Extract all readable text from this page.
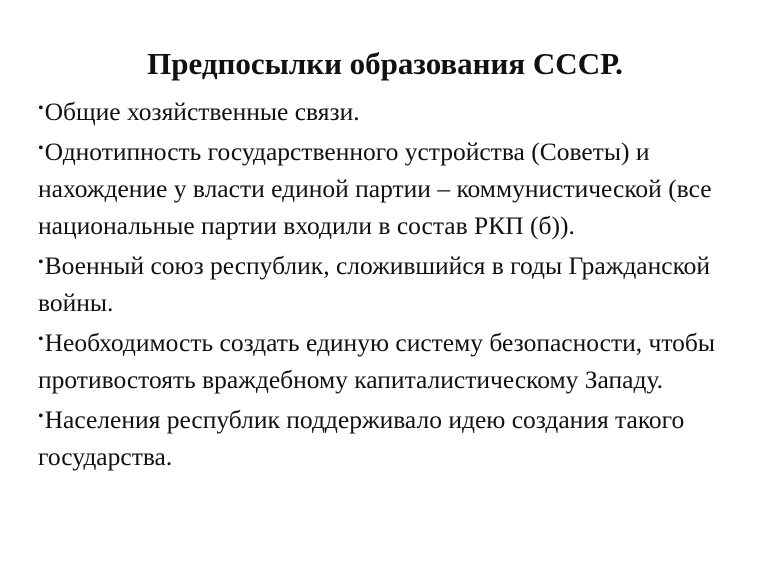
Предпосылки образования СССР.
•Общие хозяйственные связи.
•Однотипность государственного устройства (Советы) и нахождение у власти единой партии – коммунистической (все национальные партии входили в состав РКП (б)).
•Военный союз республик, сложившийся в годы Гражданской войны.
•Необходимость создать единую систему безопасности, чтобы противостоять враждебному капиталистическому Западу.
•Населения республик поддерживало идею создания такого государства.
